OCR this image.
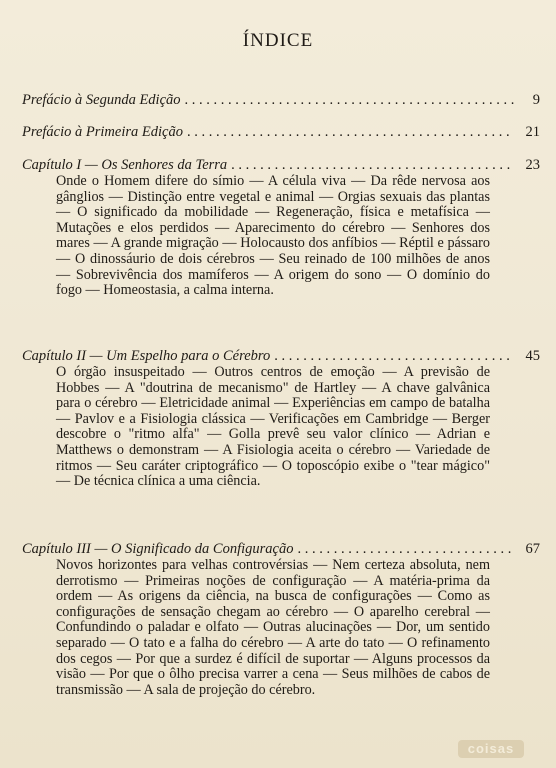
ÍNDICE
Prefácio à Segunda Edição . . .	9
Prefácio à Primeira Edição . . .	21
Capítulo I — Os Senhores da Terra . . .	23
Onde o Homem difere do símio — A célula viva — Da rêde nervosa aos gânglios — Distinção entre vegetal e animal — Orgias sexuais das plantas — O significado da mobilidade — Regeneração, física e metafísica — Mutações e elos perdidos — Aparecimento do cérebro — Senhores dos mares — A grande migração — Holocausto dos anfíbios — Réptil e pássaro — O dinossáurio de dois cérebros — Seu reinado de 100 milhões de anos — Sobrevivência dos mamíferos — A origem do sono — O domínio do fogo — Homeostasia, a calma interna.
Capítulo II — Um Espelho para o Cérebro . . .	45
O órgão insuspeitado — Outros centros de emoção — A previsão de Hobbes — A "doutrina de mecanismo" de Hartley — A chave galvânica para o cérebro — Eletricidade animal — Experiências em campo de batalha — Pavlov e a Fisiologia clássica — Verificações em Cambridge — Berger descobre o "ritmo alfa" — Golla prevê seu valor clínico — Adrian e Matthews o demonstram — A Fisiologia aceita o cérebro — Variedade de ritmos — Seu caráter criptográfico — O toposcópio exibe o "tear mágico" — De técnica clínica a uma ciência.
Capítulo III — O Significado da Configuração . . .	67
Novos horizontes para velhas controvérsias — Nem certeza absoluta, nem derrotismo — Primeiras noções de configuração — A matéria-prima da ordem — As origens da ciência, na busca de configurações — Como as configurações de sensação chegam ao cérebro — O aparelho cerebral — Confundindo o paladar e olfato — Outras alucinações — Dor, um sentido separado — O tato e a falha do cérebro — A arte do tato — O refinamento dos cegos — Por que a surdez é difícil de suportar — Alguns processos da visão — Por que o ôlho precisa varrer a cena — Seus milhões de cabos de transmissão — A sala de projeção do cérebro.
coisas
